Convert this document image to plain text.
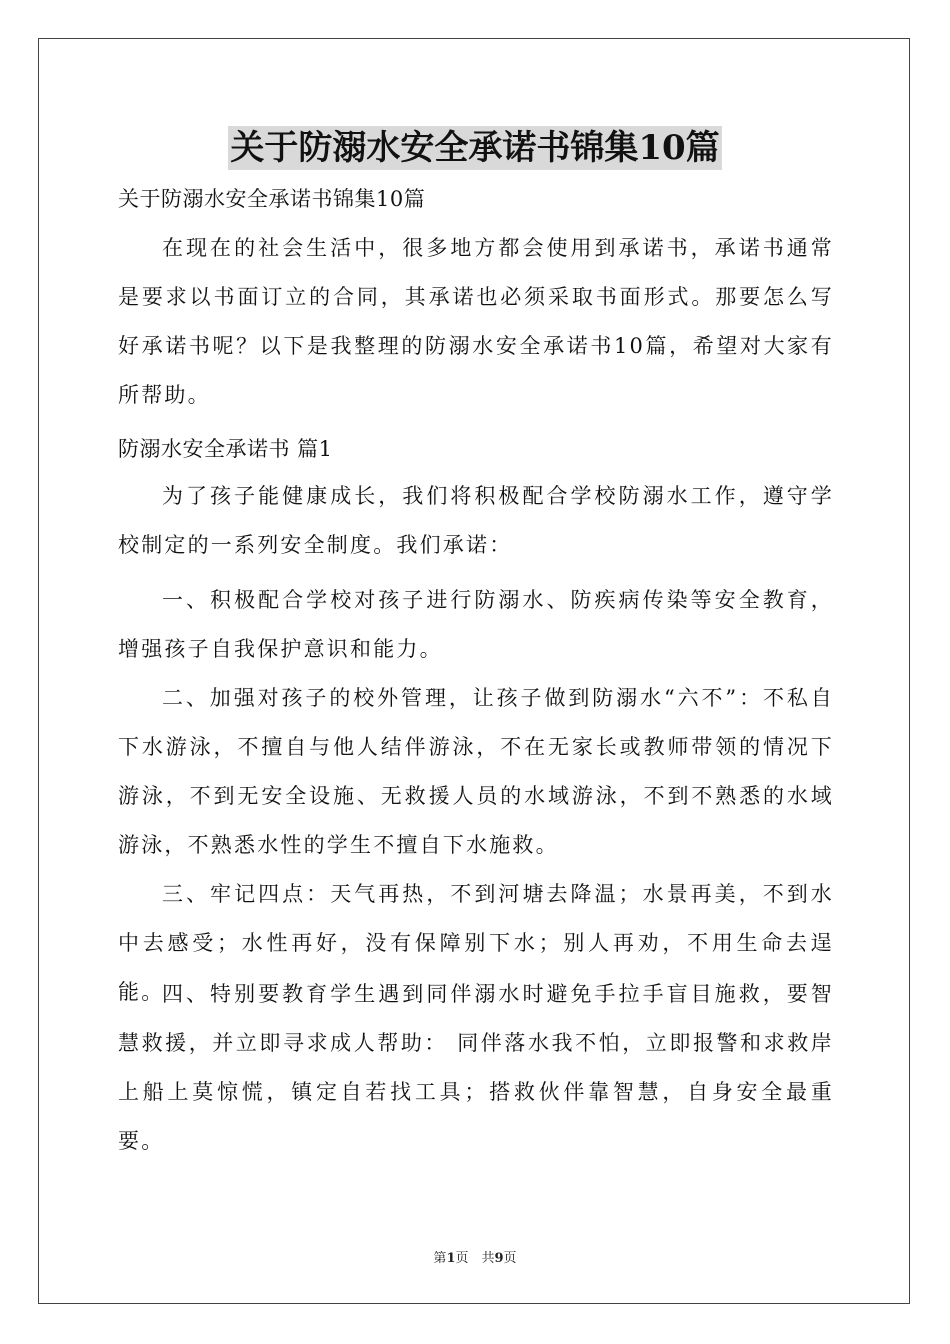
关于防溺水安全承诺书锦集10篇
关于防溺水安全承诺书锦集10篇

在现在的社会生活中，很多地方都会使用到承诺书，承诺书通常是要求以书面订立的合同，其承诺也必须采取书面形式。那要怎么写好承诺书呢？以下是我整理的防溺水安全承诺书10篇，希望对大家有所帮助。

防溺水安全承诺书 篇1

为了孩子能健康成长，我们将积极配合学校防溺水工作，遵守学校制定的一系列安全制度。我们承诺：

一、积极配合学校对孩子进行防溺水、防疾病传染等安全教育，增强孩子自我保护意识和能力。

二、加强对孩子的校外管理，让孩子做到防溺水“六不”：不私自下水游泳，不擅自与他人结伴游泳，不在无家长或教师带领的情况下游泳，不到无安全设施、无救援人员的水域游泳，不到不熟悉的水域游泳，不熟悉水性的学生不擅自下水施救。

三、牢记四点：天气再热，不到河塘去降温；水景再美，不到水中去感受；水性再好，没有保障别下水；别人再劝，不用生命去逞能。

四、特别要教育学生遇到同伴溺水时避免手拉手盲目施救，要智慧救援，并立即寻求成人帮助： 同伴落水我不怕，立即报警和求救岸上船上莫惊慌，镇定自若找工具；搭救伙伴靠智慧，自身安全最重要。

第1页　共9页
